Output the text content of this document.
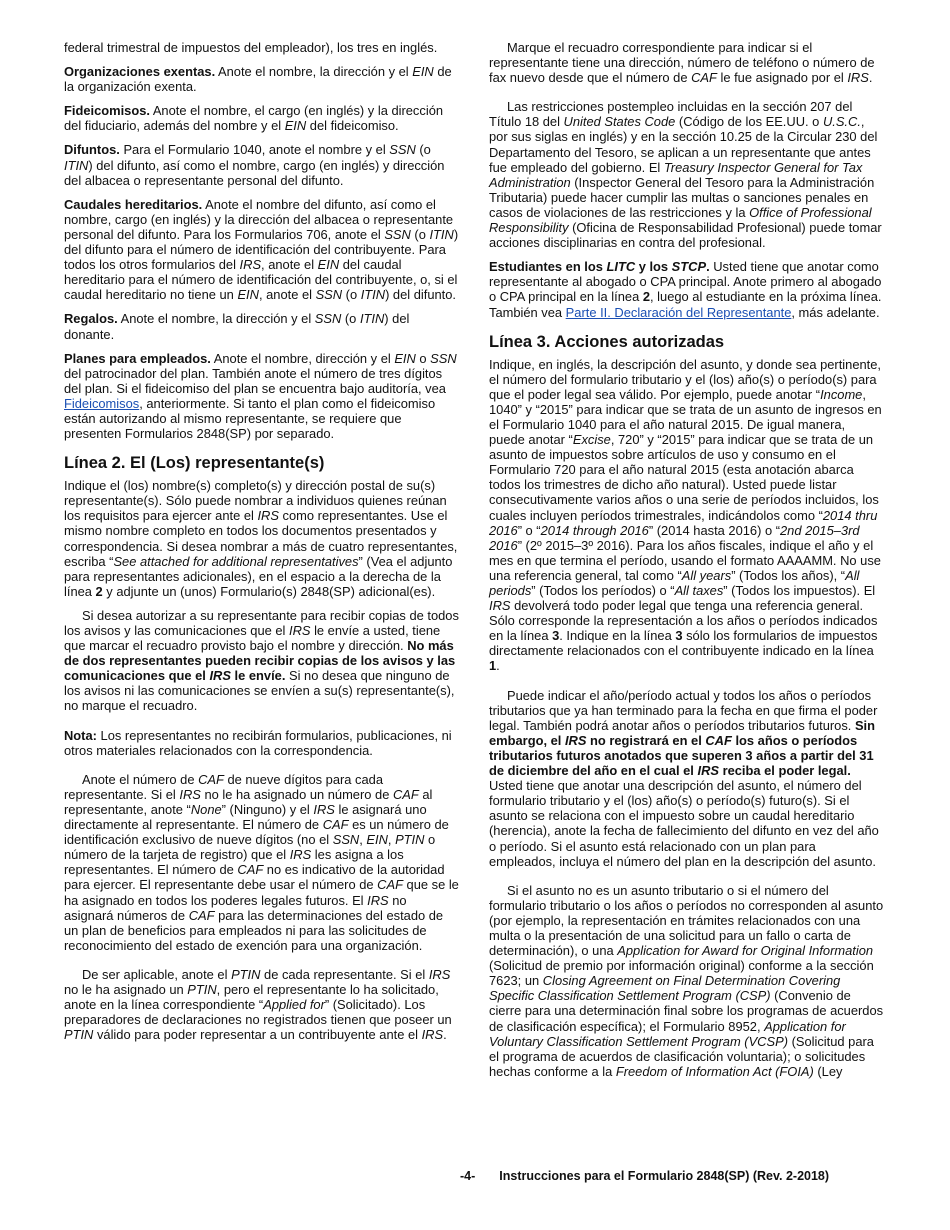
federal trimestral de impuestos del empleador), los tres en inglés.

Organizaciones exentas. Anote el nombre, la dirección y el EIN de la organización exenta.

Fideicomisos. Anote el nombre, el cargo (en inglés) y la dirección del fiduciario, además del nombre y el EIN del fideicomiso.

Difuntos. Para el Formulario 1040, anote el nombre y el SSN (o ITIN) del difunto, así como el nombre, cargo (en inglés) y dirección del albacea o representante personal del difunto.

Caudales hereditarios. Anote el nombre del difunto, así como el nombre, cargo (en inglés) y la dirección del albacea o representante personal del difunto. Para los Formularios 706, anote el SSN (o ITIN) del difunto para el número de identificación del contribuyente. Para todos los otros formularios del IRS, anote el EIN del caudal hereditario para el número de identificación del contribuyente, o, si el caudal hereditario no tiene un EIN, anote el SSN (o ITIN) del difunto.

Regalos. Anote el nombre, la dirección y el SSN (o ITIN) del donante.

Planes para empleados. Anote el nombre, dirección y el EIN o SSN del patrocinador del plan. También anote el número de tres dígitos del plan. Si el fideicomiso del plan se encuentra bajo auditoría, vea Fideicomisos, anteriormente. Si tanto el plan como el fideicomiso están autorizando al mismo representante, se requiere que presenten Formularios 2848(SP) por separado.

Línea 2. El (Los) representante(s)

Indique el (los) nombre(s) completo(s) y dirección postal de su(s) representante(s). Sólo puede nombrar a individuos quienes reúnan los requisitos para ejercer ante el IRS como representantes. Use el mismo nombre completo en todos los documentos presentados y correspondencia. Si desea nombrar a más de cuatro representantes, escriba “See attached for additional representatives” (Vea el adjunto para representantes adicionales), en el espacio a la derecha de la línea 2 y adjunte un (unos) Formulario(s) 2848(SP) adicional(es).

Si desea autorizar a su representante para recibir copias de todos los avisos y las comunicaciones que el IRS le envíe a usted, tiene que marcar el recuadro provisto bajo el nombre y dirección. No más de dos representantes pueden recibir copias de los avisos y las comunicaciones que el IRS le envíe. Si no desea que ninguno de los avisos ni las comunicaciones se envíen a su(s) representante(s), no marque el recuadro.

Nota: Los representantes no recibirán formularios, publicaciones, ni otros materiales relacionados con la correspondencia.

Anote el número de CAF de nueve dígitos para cada representante. Si el IRS no le ha asignado un número de CAF al representante, anote “None” (Ninguno) y el IRS le asignará uno directamente al representante. El número de CAF es un número de identificación exclusivo de nueve dígitos (no el SSN, EIN, PTIN o número de la tarjeta de registro) que el IRS les asigna a los representantes. El número de CAF no es indicativo de la autoridad para ejercer. El representante debe usar el número de CAF que se le ha asignado en todos los poderes legales futuros. El IRS no asignará números de CAF para las determinaciones del estado de un plan de beneficios para empleados ni para las solicitudes de reconocimiento del estado de exención para una organización.

De ser aplicable, anote el PTIN de cada representante. Si el IRS no le ha asignado un PTIN, pero el representante lo ha solicitado, anote en la línea correspondiente “Applied for” (Solicitado). Los preparadores de declaraciones no registrados tienen que poseer un PTIN válido para poder representar a un contribuyente ante el IRS.

Marque el recuadro correspondiente para indicar si el representante tiene una dirección, número de teléfono o número de fax nuevo desde que el número de CAF le fue asignado por el IRS.

Las restricciones postempleo incluidas en la sección 207 del Título 18 del United States Code (Código de los EE.UU. o U.S.C., por sus siglas en inglés) y en la sección 10.25 de la Circular 230 del Departamento del Tesoro, se aplican a un representante que antes fue empleado del gobierno. El Treasury Inspector General for Tax Administration (Inspector General del Tesoro para la Administración Tributaria) puede hacer cumplir las multas o sanciones penales en casos de violaciones de las restricciones y la Office of Professional Responsibility (Oficina de Responsabilidad Profesional) puede tomar acciones disciplinarias en contra del profesional.

Estudiantes en los LITC y los STCP. Usted tiene que anotar como representante al abogado o CPA principal. Anote primero al abogado o CPA principal en la línea 2, luego al estudiante en la próxima línea. También vea Parte II. Declaración del Representante, más adelante.

Línea 3. Acciones autorizadas

Indique, en inglés, la descripción del asunto, y donde sea pertinente, el número del formulario tributario y el (los) año(s) o período(s) para que el poder legal sea válido. Por ejemplo, puede anotar “Income, 1040” y “2015” para indicar que se trata de un asunto de ingresos en el Formulario 1040 para el año natural 2015. De igual manera, puede anotar “Excise, 720” y “2015” para indicar que se trata de un asunto de impuestos sobre artículos de uso y consumo en el Formulario 720 para el año natural 2015 (esta anotación abarca todos los trimestres de dicho año natural). Usted puede listar consecutivamente varios años o una serie de períodos incluidos, los cuales incluyen períodos trimestrales, indicándolos como “2014 thru 2016” o “2014 through 2016” (2014 hasta 2016) o “2nd 2015–3rd 2016” (2º 2015–3º 2016). Para los años fiscales, indique el año y el mes en que termina el período, usando el formato AAAAMM. No use una referencia general, tal como “All years” (Todos los años), “All periods” (Todos los períodos) o “All taxes” (Todos los impuestos). El IRS devolverá todo poder legal que tenga una referencia general. Sólo corresponde la representación a los años o períodos indicados en la línea 3. Indique en la línea 3 sólo los formularios de impuestos directamente relacionados con el contribuyente indicado en la línea 1.

Puede indicar el año/período actual y todos los años o períodos tributarios que ya han terminado para la fecha en que firma el poder legal. También podrá anotar años o períodos tributarios futuros. Sin embargo, el IRS no registrará en el CAF los años o períodos tributarios futuros anotados que superen 3 años a partir del 31 de diciembre del año en el cual el IRS reciba el poder legal. Usted tiene que anotar una descripción del asunto, el número del formulario tributario y el (los) año(s) o período(s) futuro(s). Si el asunto se relaciona con el impuesto sobre un caudal hereditario (herencia), anote la fecha de fallecimiento del difunto en vez del año o período. Si el asunto está relacionado con un plan para empleados, incluya el número del plan en la descripción del asunto.

Si el asunto no es un asunto tributario o si el número del formulario tributario o los años o períodos no corresponden al asunto (por ejemplo, la representación en trámites relacionados con una multa o la presentación de una solicitud para un fallo o carta de determinación), o una Application for Award for Original Information (Solicitud de premio por información original) conforme a la sección 7623; un Closing Agreement on Final Determination Covering Specific Classification Settlement Program (CSP) (Convenio de cierre para una determinación final sobre los programas de acuerdos de clasificación específica); el Formulario 8952, Application for Voluntary Classification Settlement Program (VCSP) (Solicitud para el programa de acuerdos de clasificación voluntaria); o solicitudes hechas conforme a la Freedom of Information Act (FOIA) (Ley

-4- Instrucciones para el Formulario 2848(SP) (Rev. 2-2018)
